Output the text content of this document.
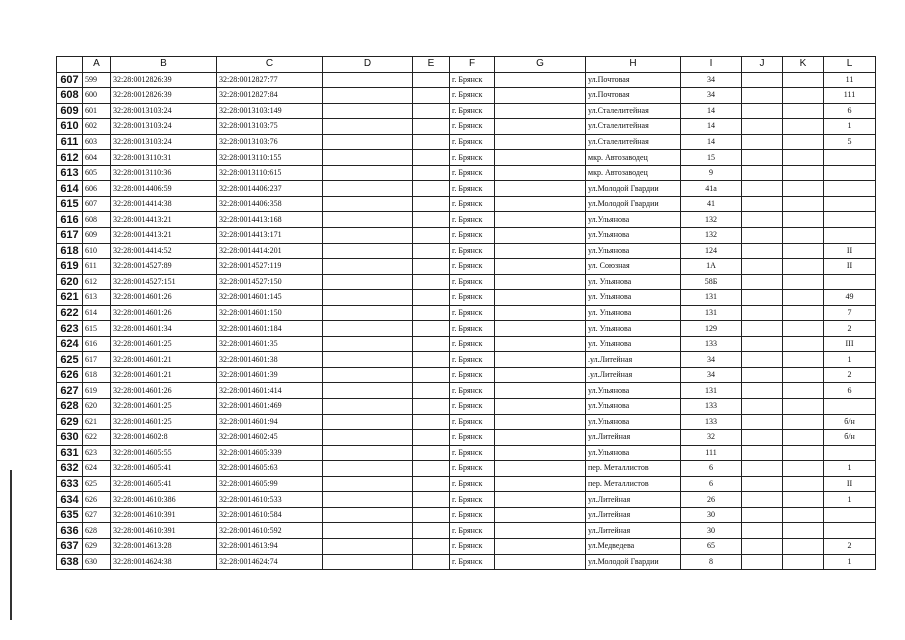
	A	B	C	D	E	F	G	H	I	J	K	L
607	599	32:28:0012826:39	32:28:0012827:77			г. Брянск		ул.Почтовая	34			11
608	600	32:28:0012826:39	32:28:0012827:84			г. Брянск		ул.Почтовая	34			111
609	601	32:28:0013103:24	32:28:0013103:149			г. Брянск		ул.Сталелитейная	14			6
610	602	32:28:0013103:24	32:28:0013103:75			г. Брянск		ул.Сталелитейная	14			1
611	603	32:28:0013103:24	32:28:0013103:76			г. Брянск		ул.Сталелитейная	14			5
612	604	32:28:0013110:31	32:28:0013110:155			г. Брянск		мкр. Автозаводец	15			
613	605	32:28:0013110:36	32:28:0013110:615			г. Брянск		мкр. Автозаводец	9			
614	606	32:28:0014406:59	32:28:0014406:237			г. Брянск		ул.Молодой Гвардии	41а			
615	607	32:28:0014414:38	32:28:0014406:358			г. Брянск		ул.Молодой Гвардии	41			
616	608	32:28:0014413:21	32:28:0014413:168			г. Брянск		ул.Ульянова	132			
617	609	32:28:0014413:21	32:28:0014413:171			г. Брянск		ул.Ульянова	132			
618	610	32:28:0014414:52	32:28:0014414:201			г. Брянск		ул.Ульянова	124			II
619	611	32:28:0014527:89	32:28:0014527:119			г. Брянск		ул. Союзная	1А			II
620	612	32:28:0014527:151	32:28:0014527:150			г. Брянск		ул. Ульянова	58Б			
621	613	32:28:0014601:26	32:28:0014601:145			г. Брянск		ул. Ульянова	131			49
622	614	32:28:0014601:26	32:28:0014601:150			г. Брянск		ул. Ульянова	131			7
623	615	32:28:0014601:34	32:28:0014601:184			г. Брянск		ул. Ульянова	129			2
624	616	32:28:0014601:25	32:28:0014601:35			г. Брянск		ул. Ульянова	133			III
625	617	32:28:0014601:21	32:28:0014601:38			г. Брянск		.ул.Литейная	34			1
626	618	32:28:0014601:21	32:28:0014601:39			г. Брянск		.ул.Литейная	34			2
627	619	32:28:0014601:26	32:28:0014601:414			г. Брянск		ул.Ульянова	131			6
628	620	32:28:0014601:25	32:28:0014601:469			г. Брянск		ул.Ульянова	133			
629	621	32:28:0014601:25	32:28:0014601:94			г. Брянск		ул.Ульянова	133			б/н
630	622	32:28:0014602:8	32:28:0014602:45			г. Брянск		ул.Литейная	32			б/н
631	623	32:28:0014605:55	32:28:0014605:339			г. Брянск		ул.Ульянова	111			
632	624	32:28:0014605:41	32:28:0014605:63			г. Брянск		пер. Металлистов	6			1
633	625	32:28:0014605:41	32:28:0014605:99			г. Брянск		пер. Металлистов	6			II
634	626	32:28:0014610:386	32:28:0014610:533			г. Брянск		ул.Литейная	26			1
635	627	32:28:0014610:391	32:28:0014610:584			г. Брянск		ул.Литейная	30			
636	628	32:28:0014610:391	32:28:0014610:592			г. Брянск		ул.Литейная	30			
637	629	32:28:0014613:28	32:28:0014613:94			г. Брянск		ул.Медведева	65			2
638	630	32:28:0014624:38	32:28:0014624:74			г. Брянск		ул.Молодой Гвардии	8			1
